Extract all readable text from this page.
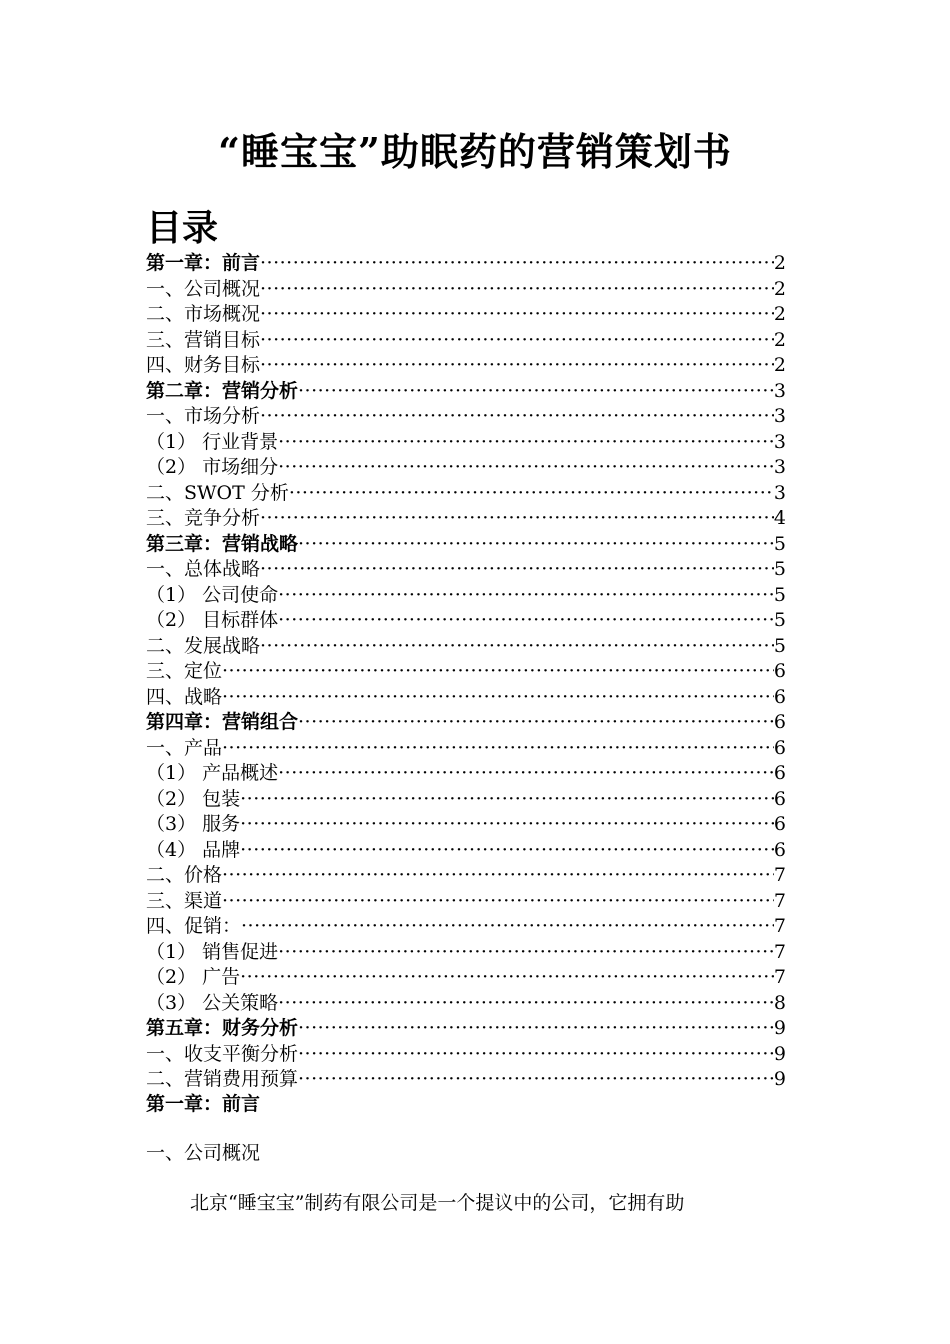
“睡宝宝”助眠药的营销策划书
目录
第一章：前言 ·····	2
一、公司概况 ·····	2
二、市场概况 ·····	2
三、营销目标 ·····	2
四、财务目标 ·····	2
第二章：营销分析 ·····	3
一、市场分析 ·····	3
（1） 行业背景 ·····	3
（2） 市场细分 ·····	3
二、SWOT 分析 ·····	3
三、竞争分析 ·····	4
第三章：营销战略 ·····	5
一、总体战略 ·····	5
（1） 公司使命 ·····	5
（2） 目标群体 ·····	5
二、发展战略 ·····	5
三、定位 ·····	6
四、战略 ·····	6
第四章：营销组合 ·····	6
一、产品 ·····	6
（1） 产品概述 ·····	6
（2） 包装 ·····	6
（3） 服务 ·····	6
（4） 品牌 ·····	6
二、价格 ·····	7
三、渠道 ·····	7
四、促销： ·····	7
（1） 销售促进 ·····	7
（2） 广告 ·····	7
（3） 公关策略 ·····	8
第五章：财务分析 ·····	9
一、收支平衡分析 ·····	9
二、营销费用预算 ·····	9
第一章：前言
一、公司概况
北京“睡宝宝”制药有限公司是一个提议中的公司，它拥有助
